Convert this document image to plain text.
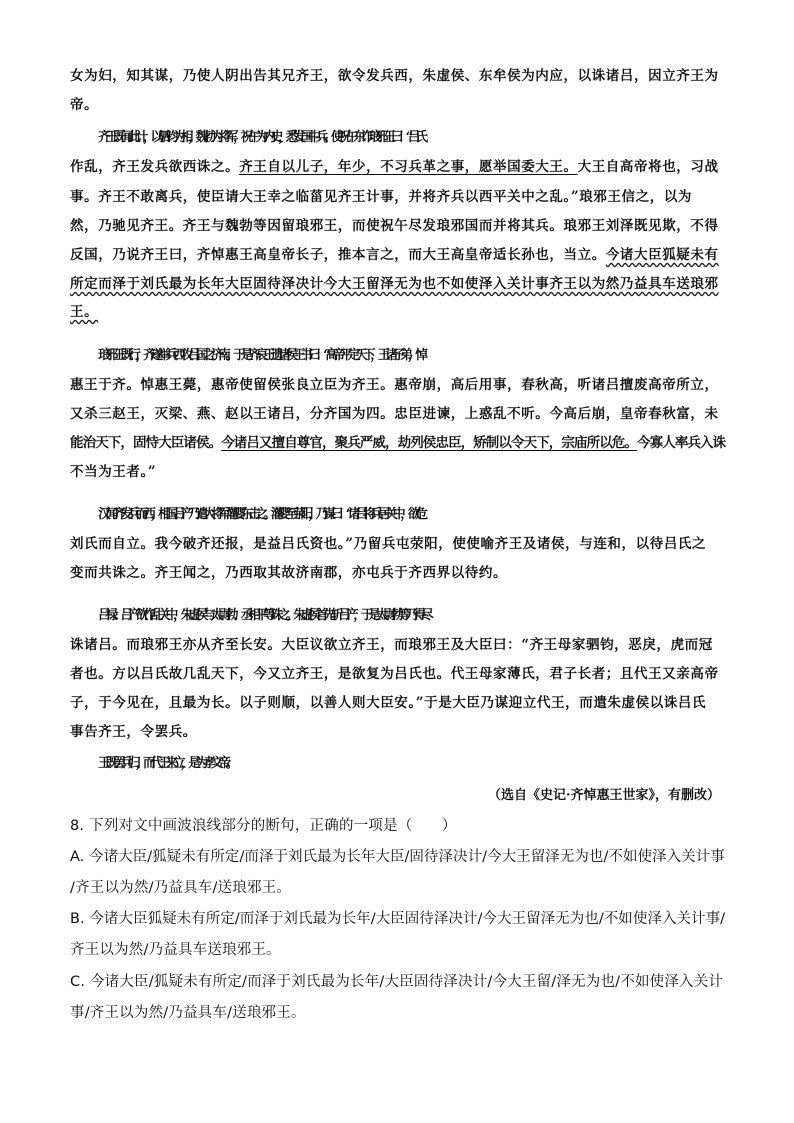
女为妇，知其谋，乃使人阴出告其兄齐王，欲令发兵西，朱虚侯、东牟侯为内应，以诛诸吕，因立齐王为
帝。
齐王既闻此计，以驷钧为相，魏勃为将军，祝午为内史，悉发国中兵。使祝午东诈琅邪王曰：“吕氏
作乱，齐王发兵欲西诛之。齐王自以儿子，年少，不习兵革之事，愿举国委大王。大王自高帝将也，习战
事。齐王不敢离兵，使臣请大王幸之临菑见齐王计事，并将齐兵以西平关中之乱。”琅邪王信之，以为
然，乃驰见齐王。齐王与魏勃等因留琅邪王，而使祝午尽发琅邪国而并将其兵。琅邪王刘泽既见欺，不得
反国，乃说齐王曰，齐悼惠王高皇帝长子，推本言之，而大王高皇帝适长孙也，当立。今诸大臣狐疑未有
所定而泽于刘氏最为长年大臣固待泽决计今大王留泽无为也不如使泽入关计事齐王以为然乃益具车送琅邪
王。
琅邪王既行，齐遂举兵西攻吕国之济南。于是齐哀王遗诸侯王书曰：“高帝平定天下，王诸子弟，悼
惠王于齐。悼惠王薨，惠帝使留侯张良立臣为齐王。惠帝崩，高后用事，春秋高，听诸吕擅废高帝所立，
又杀三赵王，灭梁、燕、赵以王诸吕，分齐国为四。忠臣进谏，上惑乱不听。今高后崩，皇帝春秋富，未
能治天下，固恃大臣诸侯。今诸吕又擅自尊官，聚兵严威，劫列侯忠臣，矫制以令天下，宗庙所以危。今寡人率兵入诛
不当为王者。”
汉闻齐发兵而西，相国吕产乃遣大将军灌婴东击之。灌婴至荥阳，乃谋曰：“诸吕将兵居关中，欲危
刘氏而自立。我今破齐还报，是益吕氏资也。”乃留兵屯荥阳，使使喻齐王及诸侯，与连和，以待吕氏之
变而共诛之。齐王闻之，乃西取其故济南郡，亦屯兵于齐西界以待约。
吕禄、吕产欲作乱关中，朱虚侯与太尉勃、丞相平等诛之。朱虚侯首先斩吕产，于是太尉勃等乃得尽
诛诸吕。而琅邪王亦从齐至长安。大臣议欲立齐王，而琅邪王及大臣曰：“齐王母家驷钧，恶戾，虎而冠
者也。方以吕氏故几乱天下，今又立齐王，是欲复为吕氏也。代王母家薄氏，君子长者；且代王又亲高帝
子，于今见在，且最为长。以子则顺，以善人则大臣安。”于是大臣乃谋迎立代王，而遣朱虚侯以诛吕氏
事告齐王，令罢兵。
王既罢兵归，而代王来立，是为孝文帝。
（选自《史记·齐悼惠王世家》，有删改）
8. 下列对文中画波浪线部分的断句，正确的一项是（　　）
A. 今诸大臣/狐疑未有所定/而泽于刘氏最为长年大臣/固待泽决计/今大王留泽无为也/不如使泽入关计事
/齐王以为然/乃益具车/送琅邪王。
B. 今诸大臣狐疑未有所定/而泽于刘氏最为长年/大臣固待泽决计/今大王留泽无为也/不如使泽入关计事/
齐王以为然/乃益具车送琅邪王。
C. 今诸大臣/狐疑未有所定/而泽于刘氏最为长年/大臣固待泽决计/今大王留/泽无为也/不如使泽入关计
事/齐王以为然/乃益具车/送琅邪王。
